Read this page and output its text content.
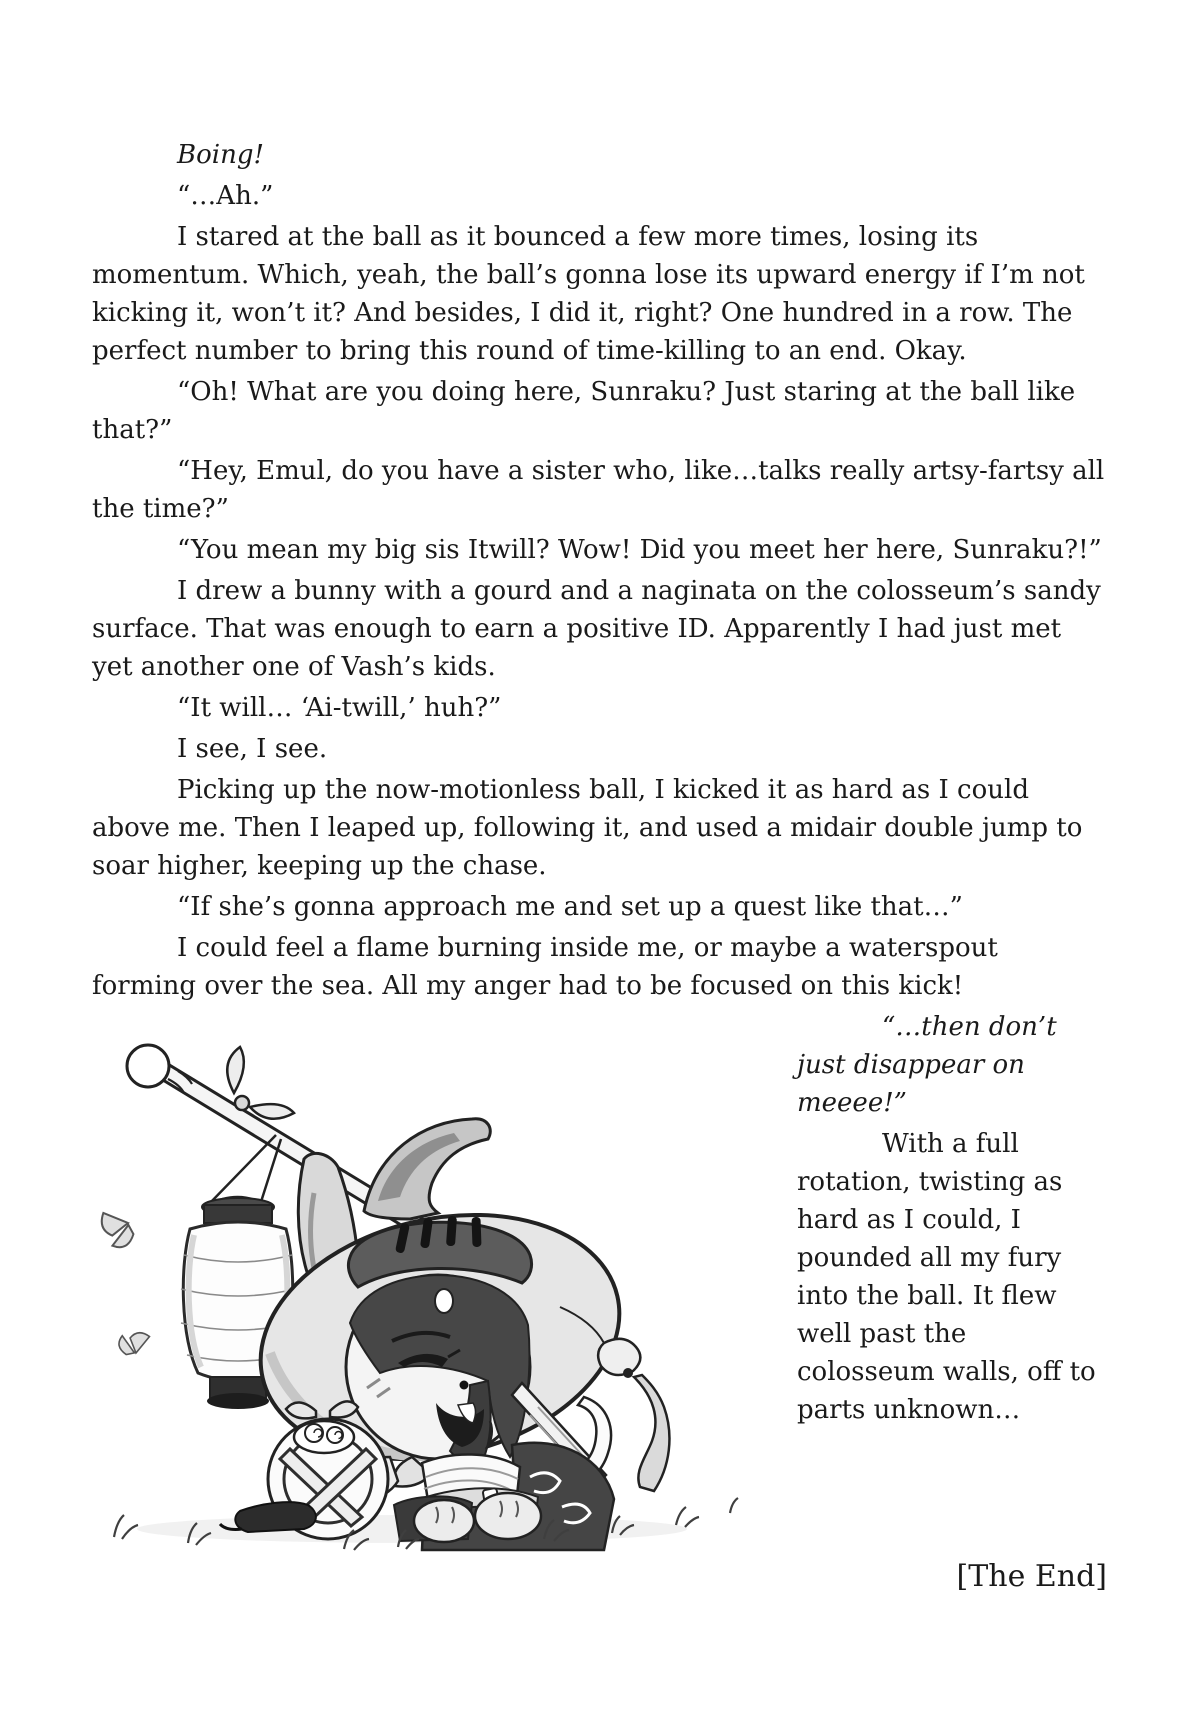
Boing!

“…Ah.”

I stared at the ball as it bounced a few more times, losing its momentum. Which, yeah, the ball’s gonna lose its upward energy if I’m not kicking it, won’t it? And besides, I did it, right? One hundred in a row. The perfect number to bring this round of time-killing to an end. Okay.

“Oh! What are you doing here, Sunraku? Just staring at the ball like that?”

“Hey, Emul, do you have a sister who, like…talks really artsy-fartsy all the time?”

“You mean my big sis Itwill? Wow! Did you meet her here, Sunraku?!”

I drew a bunny with a gourd and a naginata on the colosseum’s sandy surface. That was enough to earn a positive ID. Apparently I had just met yet another one of Vash’s kids.

“It will… ‘Ai-twill,’ huh?”

I see, I see.

Picking up the now-motionless ball, I kicked it as hard as I could above me. Then I leaped up, following it, and used a midair double jump to soar higher, keeping up the chase.

“If she’s gonna approach me and set up a quest like that…”

I could feel a flame burning inside me, or maybe a waterspout forming over the sea. All my anger had to be focused on this kick!

“…then don’t just disappear on meeee!”

With a full rotation, twisting as hard as I could, I pounded all my fury into the ball. It flew well past the colosseum walls, off to parts unknown…

[The End]
